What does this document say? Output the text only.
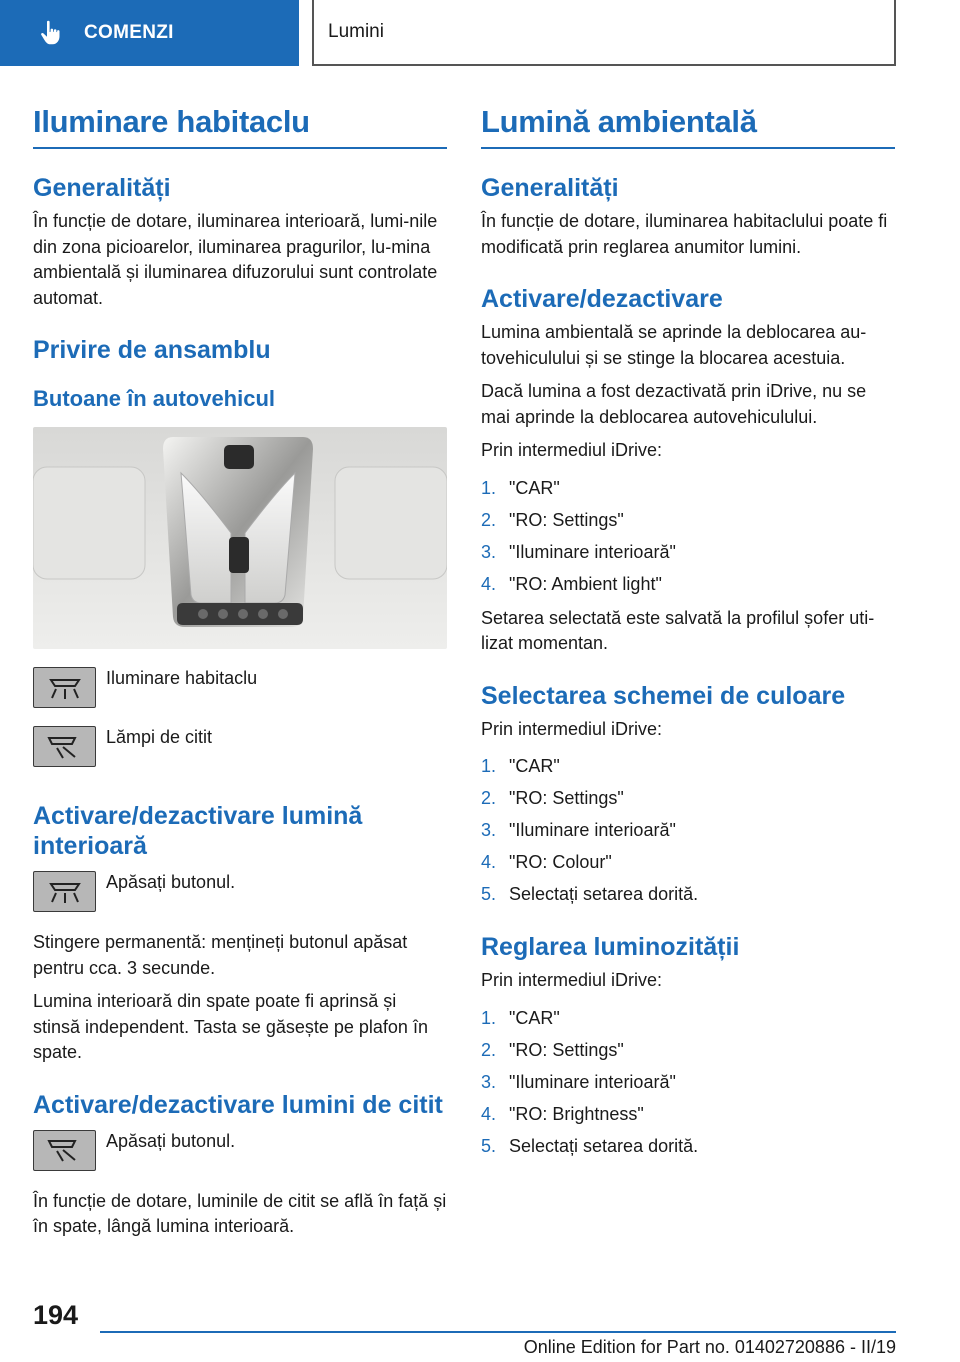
COMENZI	Lumini
Iluminare habitaclu
Generalități

În funcție de dotare, iluminarea interioară, lumi-nile din zona picioarelor, iluminarea pragurilor, lu-mina ambientală și iluminarea difuzorului sunt controlate automat.

Privire de ansamblu
Butoane în autovehicul
Iluminare habitaclu
Lămpi de citit
Activare/dezactivare lumină interioară
Apăsați butonul.

Stingere permanentă: mențineți butonul apăsat pentru cca. 3 secunde.

Lumina interioară din spate poate fi aprinsă și stinsă independent. Tasta se găsește pe plafon în spate.

Activare/dezactivare lumini de citit
Apăsați butonul.

În funcție de dotare, luminile de citit se află în față și în spate, lângă lumina interioară.

Lumină ambientală
Generalități

În funcție de dotare, iluminarea habitaclului poate fi modificată prin reglarea anumitor lumini.

Activare/dezactivare

Lumina ambientală se aprinde la deblocarea au-tovehiculului și se stinge la blocarea acestuia.

Dacă lumina a fost dezactivată prin iDrive, nu se mai aprinde la deblocarea autovehiculului.

Prin intermediul iDrive:

1. "CAR"
2. "RO: Settings"
3. "Iluminare interioară"
4. "RO: Ambient light"

Setarea selectată este salvată la profilul șofer uti-lizat momentan.

Selectarea schemei de culoare

Prin intermediul iDrive:

1. "CAR"
2. "RO: Settings"
3. "Iluminare interioară"
4. "RO: Colour"
5. Selectați setarea dorită.
Reglarea luminozității

Prin intermediul iDrive:

1. "CAR"
2. "RO: Settings"
3. "Iluminare interioară"
4. "RO: Brightness"
5. Selectați setarea dorită.
194
Online Edition for Part no. 01402720886 - II/19
